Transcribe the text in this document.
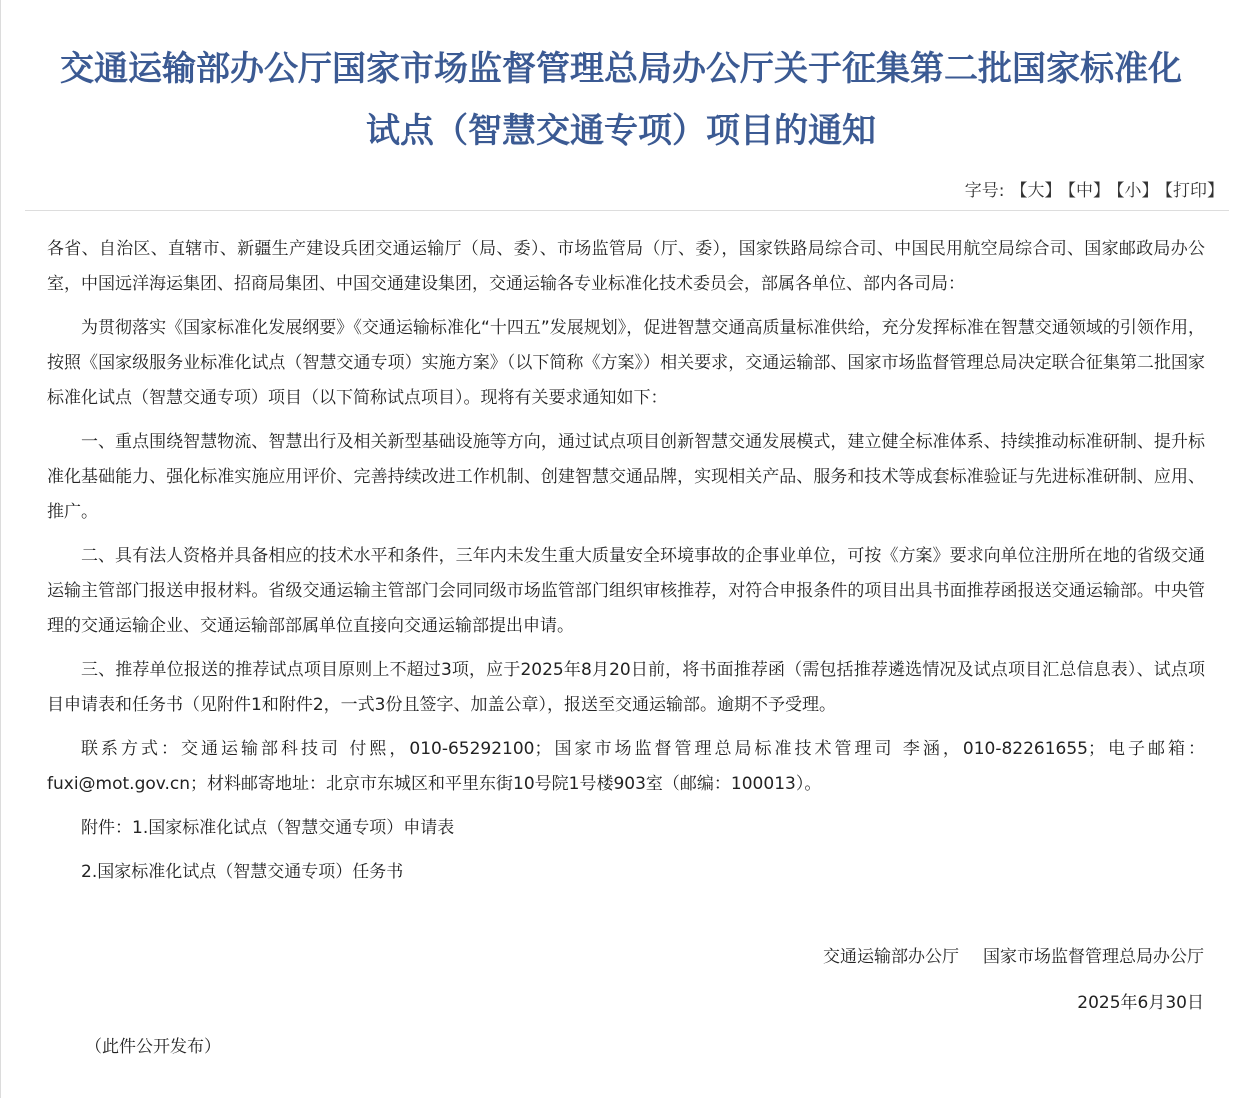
交通运输部办公厅国家市场监督管理总局办公厅关于征集第二批国家标准化
试点（智慧交通专项）项目的通知
字号: 【大】 【中】 【小】 【打印】

各省、自治区、直辖市、新疆生产建设兵团交通运输厅（局、委）、市场监管局（厅、委），国家铁路局综合司、中国民用航空局综合司、国家邮政局办公室，中国远洋海运集团、招商局集团、中国交通建设集团，交通运输各专业标准化技术委员会，部属各单位、部内各司局：

为贯彻落实《国家标准化发展纲要》《交通运输标准化“十四五”发展规划》，促进智慧交通高质量标准供给，充分发挥标准在智慧交通领域的引领作用，按照《国家级服务业标准化试点（智慧交通专项）实施方案》（以下简称《方案》）相关要求，交通运输部、国家市场监督管理总局决定联合征集第二批国家标准化试点（智慧交通专项）项目（以下简称试点项目）。现将有关要求通知如下：

一、重点围绕智慧物流、智慧出行及相关新型基础设施等方向，通过试点项目创新智慧交通发展模式，建立健全标准体系、持续推动标准研制、提升标准化基础能力、强化标准实施应用评价、完善持续改进工作机制、创建智慧交通品牌，实现相关产品、服务和技术等成套标准验证与先进标准研制、应用、推广。

二、具有法人资格并具备相应的技术水平和条件，三年内未发生重大质量安全环境事故的企事业单位，可按《方案》要求向单位注册所在地的省级交通运输主管部门报送申报材料。省级交通运输主管部门会同同级市场监管部门组织审核推荐，对符合申报条件的项目出具书面推荐函报送交通运输部。中央管理的交通运输企业、交通运输部部属单位直接向交通运输部提出申请。

三、推荐单位报送的推荐试点项目原则上不超过3项，应于2025年8月20日前，将书面推荐函（需包括推荐遴选情况及试点项目汇总信息表）、试点项目申请表和任务书（见附件1和附件2，一式3份且签字、加盖公章），报送至交通运输部。逾期不予受理。

联系方式：交通运输部科技司 付熙，010-65292100；国家市场监督管理总局标准技术管理司 李涵，010-82261655；电子邮箱：fuxi@mot.gov.cn；材料邮寄地址：北京市东城区和平里东街10号院1号楼903室（邮编：100013）。

附件：1.国家标准化试点（智慧交通专项）申请表

2.国家标准化试点（智慧交通专项）任务书

交通运输部办公厅 国家市场监督管理总局办公厅
2025年6月30日
（此件公开发布）
